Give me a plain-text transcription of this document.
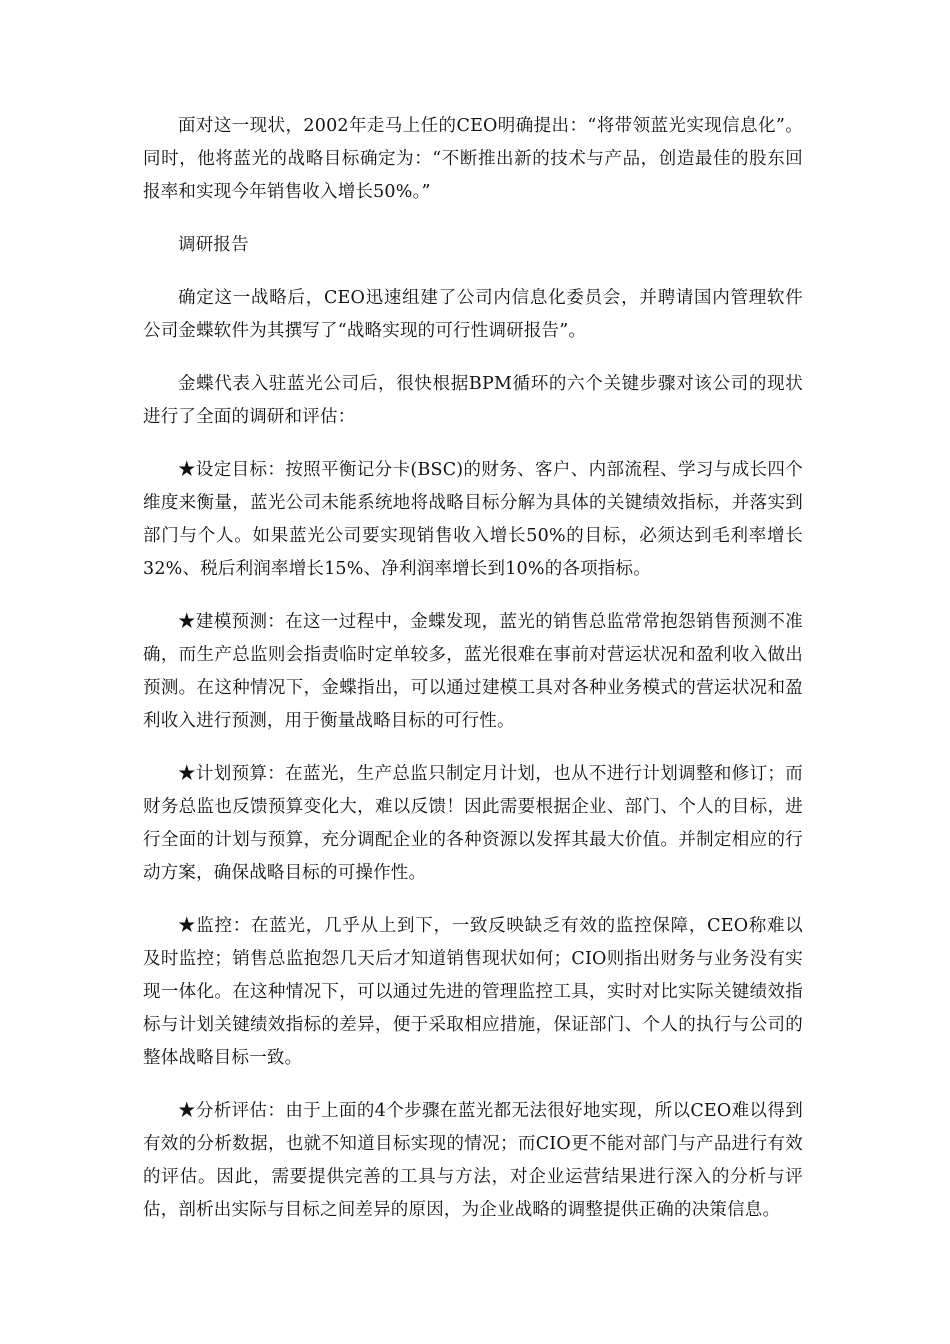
面对这一现状，2002年走马上任的CEO明确提出：“将带领蓝光实现信息化”。同时，他将蓝光的战略目标确定为：“不断推出新的技术与产品，创造最佳的股东回报率和实现今年销售收入增长50%。”

调研报告

确定这一战略后，CEO迅速组建了公司内信息化委员会，并聘请国内管理软件公司金蝶软件为其撰写了“战略实现的可行性调研报告”。

金蝶代表入驻蓝光公司后，很快根据BPM循环的六个关键步骤对该公司的现状进行了全面的调研和评估：

★设定目标：按照平衡记分卡(BSC)的财务、客户、内部流程、学习与成长四个维度来衡量，蓝光公司未能系统地将战略目标分解为具体的关键绩效指标，并落实到部门与个人。如果蓝光公司要实现销售收入增长50%的目标，必须达到毛利率增长32%、税后利润率增长15%、净利润率增长到10%的各项指标。

★建模预测：在这一过程中，金蝶发现，蓝光的销售总监常常抱怨销售预测不准确，而生产总监则会指责临时定单较多，蓝光很难在事前对营运状况和盈利收入做出预测。在这种情况下，金蝶指出，可以通过建模工具对各种业务模式的营运状况和盈利收入进行预测，用于衡量战略目标的可行性。

★计划预算：在蓝光，生产总监只制定月计划，也从不进行计划调整和修订；而财务总监也反馈预算变化大，难以反馈！因此需要根据企业、部门、个人的目标，进行全面的计划与预算，充分调配企业的各种资源以发挥其最大价值。并制定相应的行动方案，确保战略目标的可操作性。

★监控：在蓝光，几乎从上到下，一致反映缺乏有效的监控保障，CEO称难以及时监控；销售总监抱怨几天后才知道销售现状如何；CIO则指出财务与业务没有实现一体化。在这种情况下，可以通过先进的管理监控工具，实时对比实际关键绩效指标与计划关键绩效指标的差异，便于采取相应措施，保证部门、个人的执行与公司的整体战略目标一致。

★分析评估：由于上面的4个步骤在蓝光都无法很好地实现，所以CEO难以得到有效的分析数据，也就不知道目标实现的情况；而CIO更不能对部门与产品进行有效的评估。因此，需要提供完善的工具与方法，对企业运营结果进行深入的分析与评估，剖析出实际与目标之间差异的原因，为企业战略的调整提供正确的决策信息。
